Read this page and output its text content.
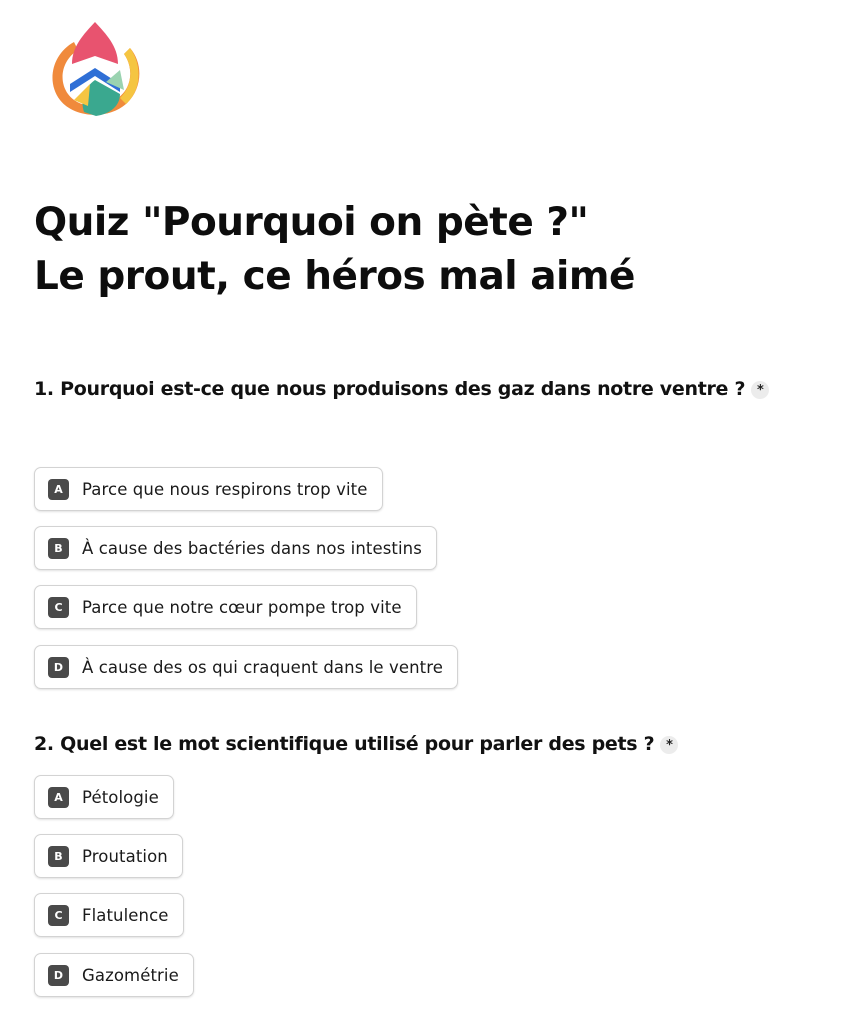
Quiz "Pourquoi on pète ?"
Le prout, ce héros mal aimé

1. Pourquoi est-ce que nous produisons des gaz dans notre ventre ? *

A	Parce que nous respirons trop vite
B	À cause des bactéries dans nos intestins
C	Parce que notre cœur pompe trop vite
D	À cause des os qui craquent dans le ventre

2. Quel est le mot scientifique utilisé pour parler des pets ? *

A	Pétologie
B	Proutation
C	Flatulence
D	Gazométrie
